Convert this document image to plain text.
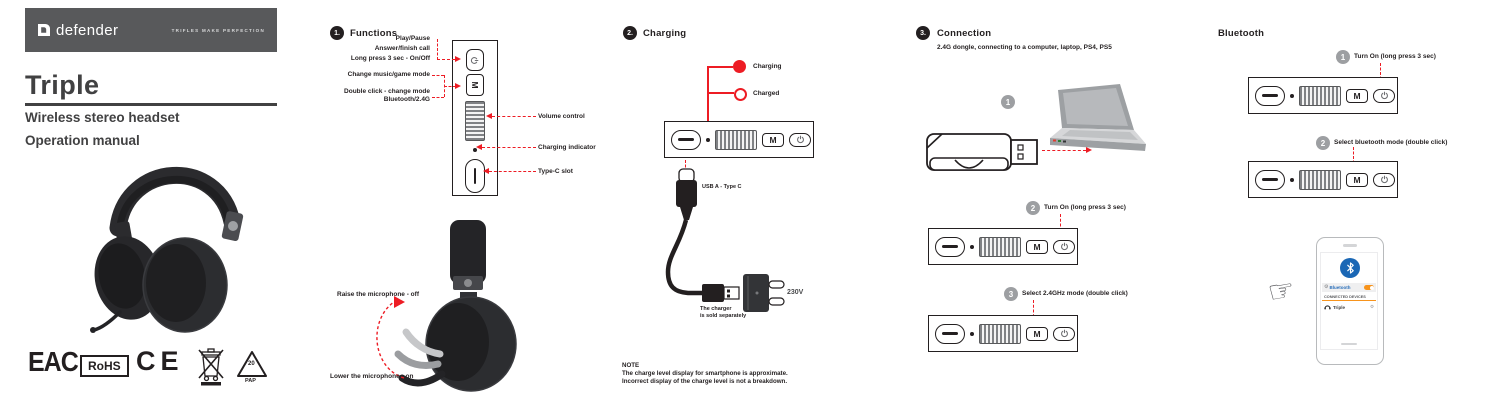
defender	TRIFLES MAKE PERFECTION
Triple
Wireless stereo headset
Operation manual
EAC RoHS CE	20
PAP
1.	Functions
M
Play/Pause
Answer/finish call
Long press 3 sec - On/Off
Change music/game mode
Double click - change mode
Bluetooth/2.4G
Volume control
Charging indicator
Type-C slot
Raise the microphone - off
Lower the microphone - on
2.	Charging
Charging
Charged
M
USB A - Type C
The charger
is sold separately
230V
NOTE
The charge level display for smartphone is approximate.
Incorrect display of the charge level is not a breakdown.
3.	Connection
2.4G dongle, connecting to a computer, laptop, PS4, PS5
1
2	Turn On (long press 3 sec)
M
3	Select 2.4GHz mode (double click)
M
Bluetooth
1	Turn On (long press 3 sec)
M
2	Select bluetooth mode (double click)
M
☞	⚙ Bluetooth
CONNECTED DEVICES
Triple	⚙
